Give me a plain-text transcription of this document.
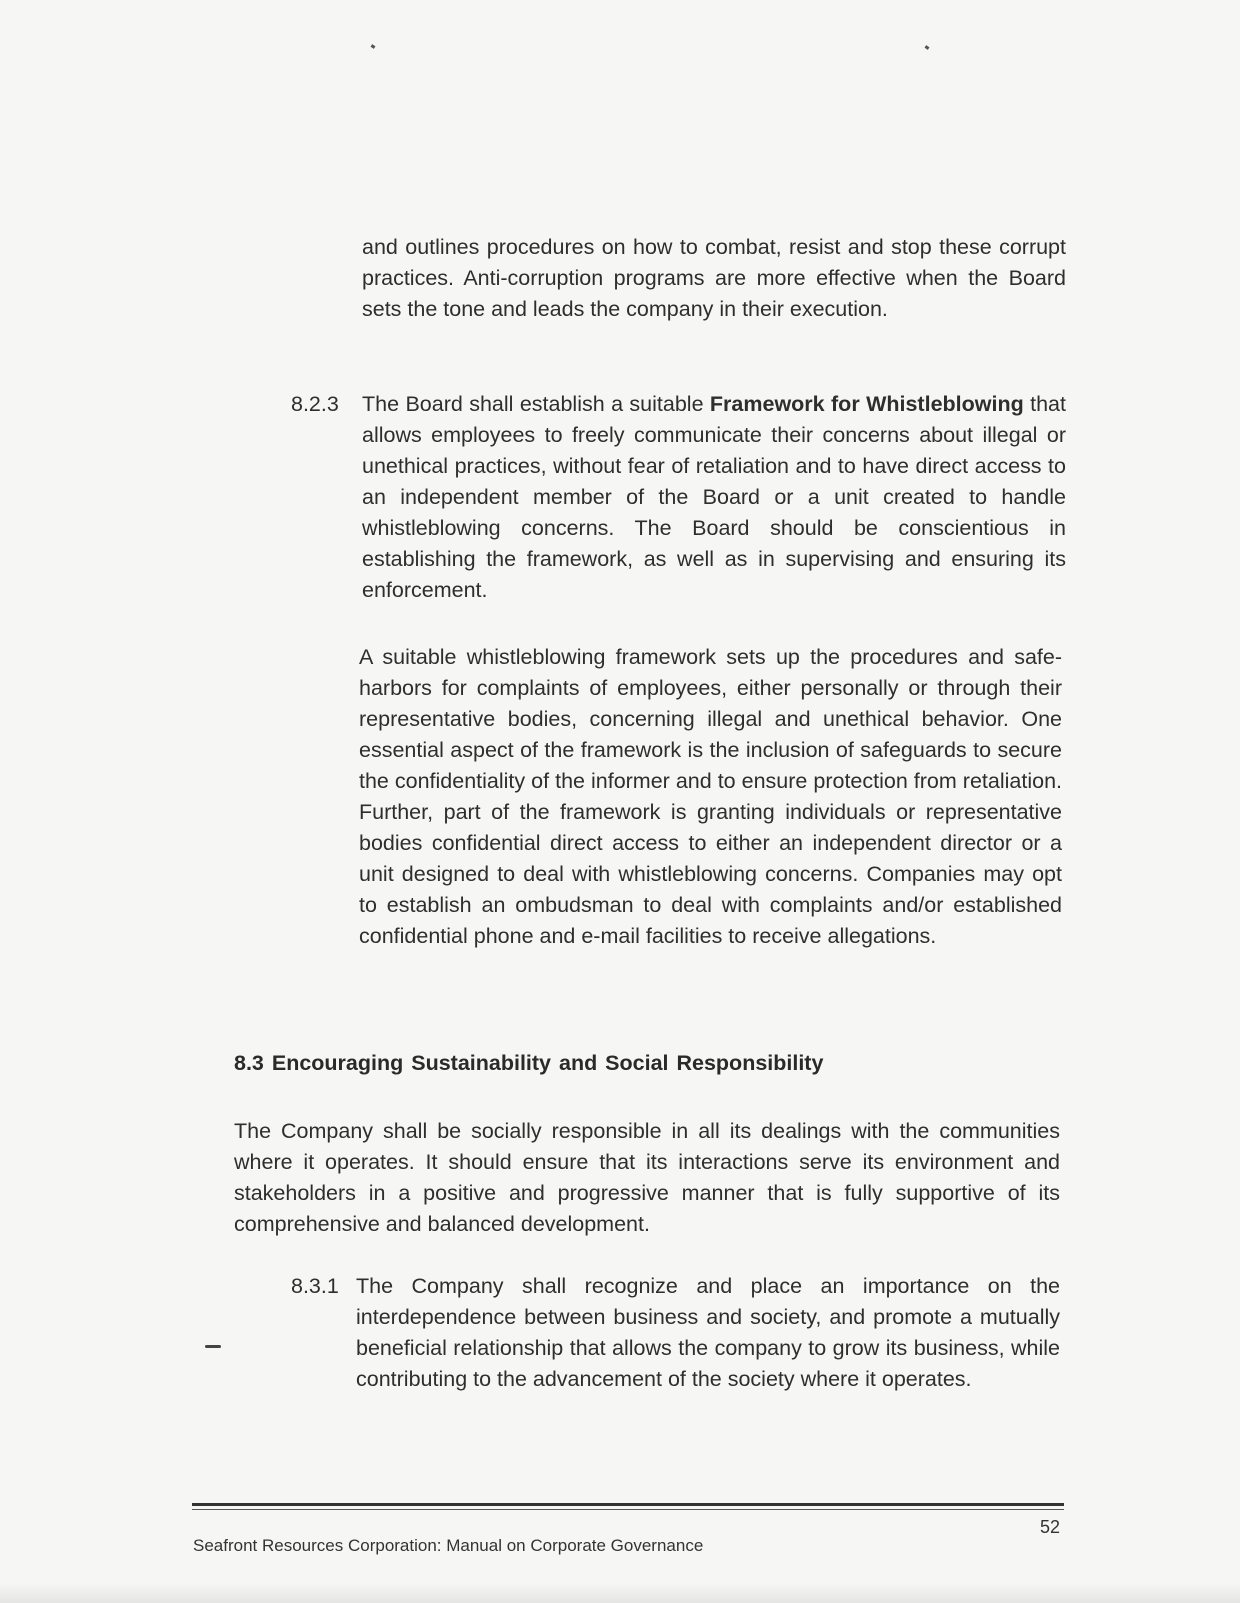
and outlines procedures on how to combat, resist and stop these corrupt practices. Anti-corruption programs are more effective when the Board sets the tone and leads the company in their execution.

8.2.3 The Board shall establish a suitable Framework for Whistleblowing that allows employees to freely communicate their concerns about illegal or unethical practices, without fear of retaliation and to have direct access to an independent member of the Board or a unit created to handle whistleblowing concerns. The Board should be conscientious in establishing the framework, as well as in supervising and ensuring its enforcement.

A suitable whistleblowing framework sets up the procedures and safe-harbors for complaints of employees, either personally or through their representative bodies, concerning illegal and unethical behavior. One essential aspect of the framework is the inclusion of safeguards to secure the confidentiality of the informer and to ensure protection from retaliation. Further, part of the framework is granting individuals or representative bodies confidential direct access to either an independent director or a unit designed to deal with whistleblowing concerns. Companies may opt to establish an ombudsman to deal with complaints and/or established confidential phone and e-mail facilities to receive allegations.

8.3 Encouraging Sustainability and Social Responsibility

The Company shall be socially responsible in all its dealings with the communities where it operates. It should ensure that its interactions serve its environment and stakeholders in a positive and progressive manner that is fully supportive of its comprehensive and balanced development.

8.3.1 The Company shall recognize and place an importance on the interdependence between business and society, and promote a mutually beneficial relationship that allows the company to grow its business, while contributing to the advancement of the society where it operates.

52
Seafront Resources Corporation: Manual on Corporate Governance
